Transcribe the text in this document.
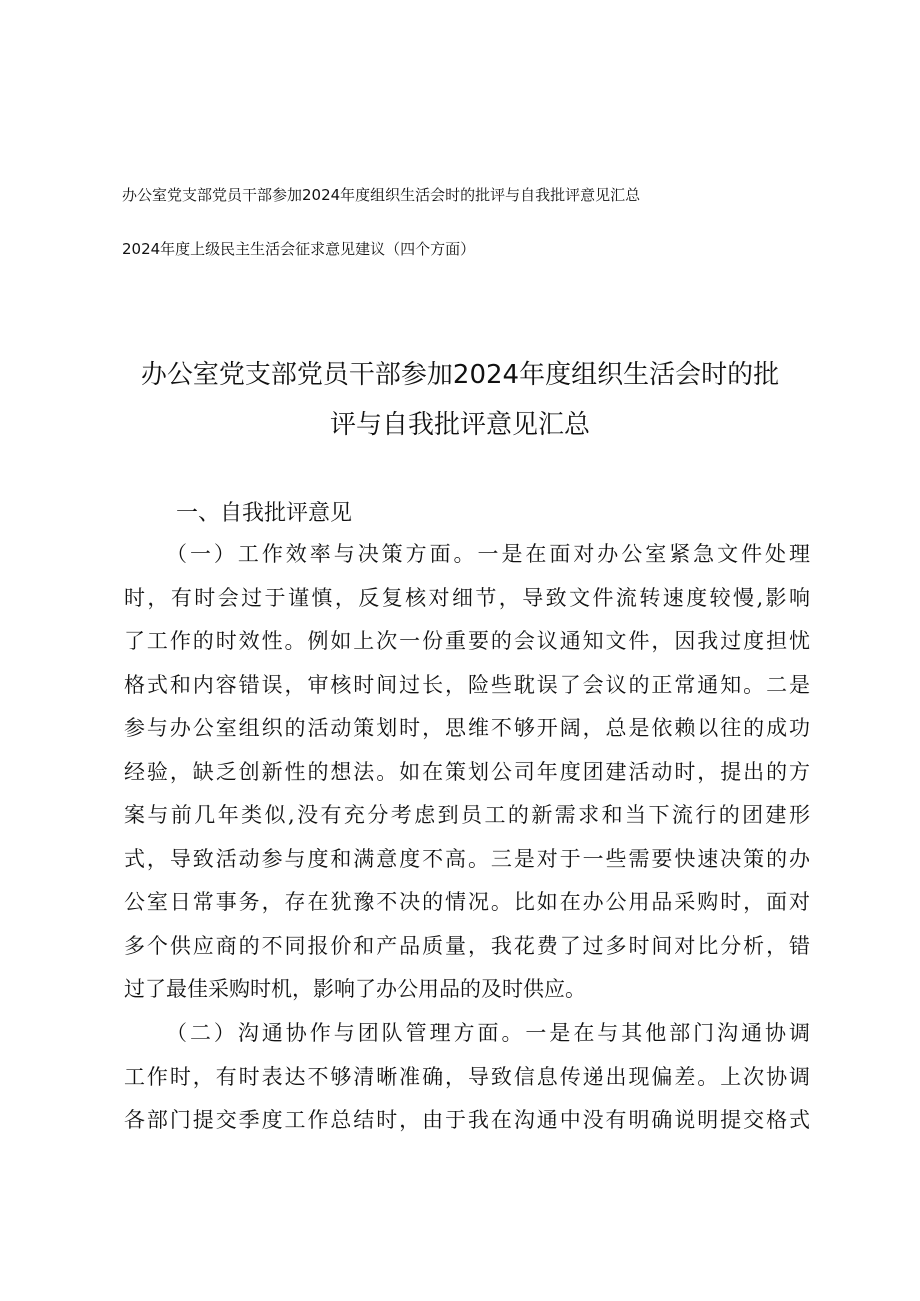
办公室党支部党员干部参加2024年度组织生活会时的批评与自我批评意见汇总
2024年度上级民主生活会征求意见建议（四个方面）
办公室党支部党员干部参加2024年度组织生活会时的批
评与自我批评意见汇总
一、自我批评意见
（一）工作效率与决策方面。一是在面对办公室紧急文件处理
时，有时会过于谨慎，反复核对细节，导致文件流转速度较慢,影响
了工作的时效性。例如上次一份重要的会议通知文件，因我过度担忧
格式和内容错误，审核时间过长，险些耽误了会议的正常通知。二是
参与办公室组织的活动策划时，思维不够开阔，总是依赖以往的成功
经验，缺乏创新性的想法。如在策划公司年度团建活动时，提出的方
案与前几年类似,没有充分考虑到员工的新需求和当下流行的团建形
式，导致活动参与度和满意度不高。三是对于一些需要快速决策的办
公室日常事务，存在犹豫不决的情况。比如在办公用品采购时，面对
多个供应商的不同报价和产品质量，我花费了过多时间对比分析，错
过了最佳采购时机，影响了办公用品的及时供应。
（二）沟通协作与团队管理方面。一是在与其他部门沟通协调
工作时，有时表达不够清晰准确，导致信息传递出现偏差。上次协调
各部门提交季度工作总结时，由于我在沟通中没有明确说明提交格式
